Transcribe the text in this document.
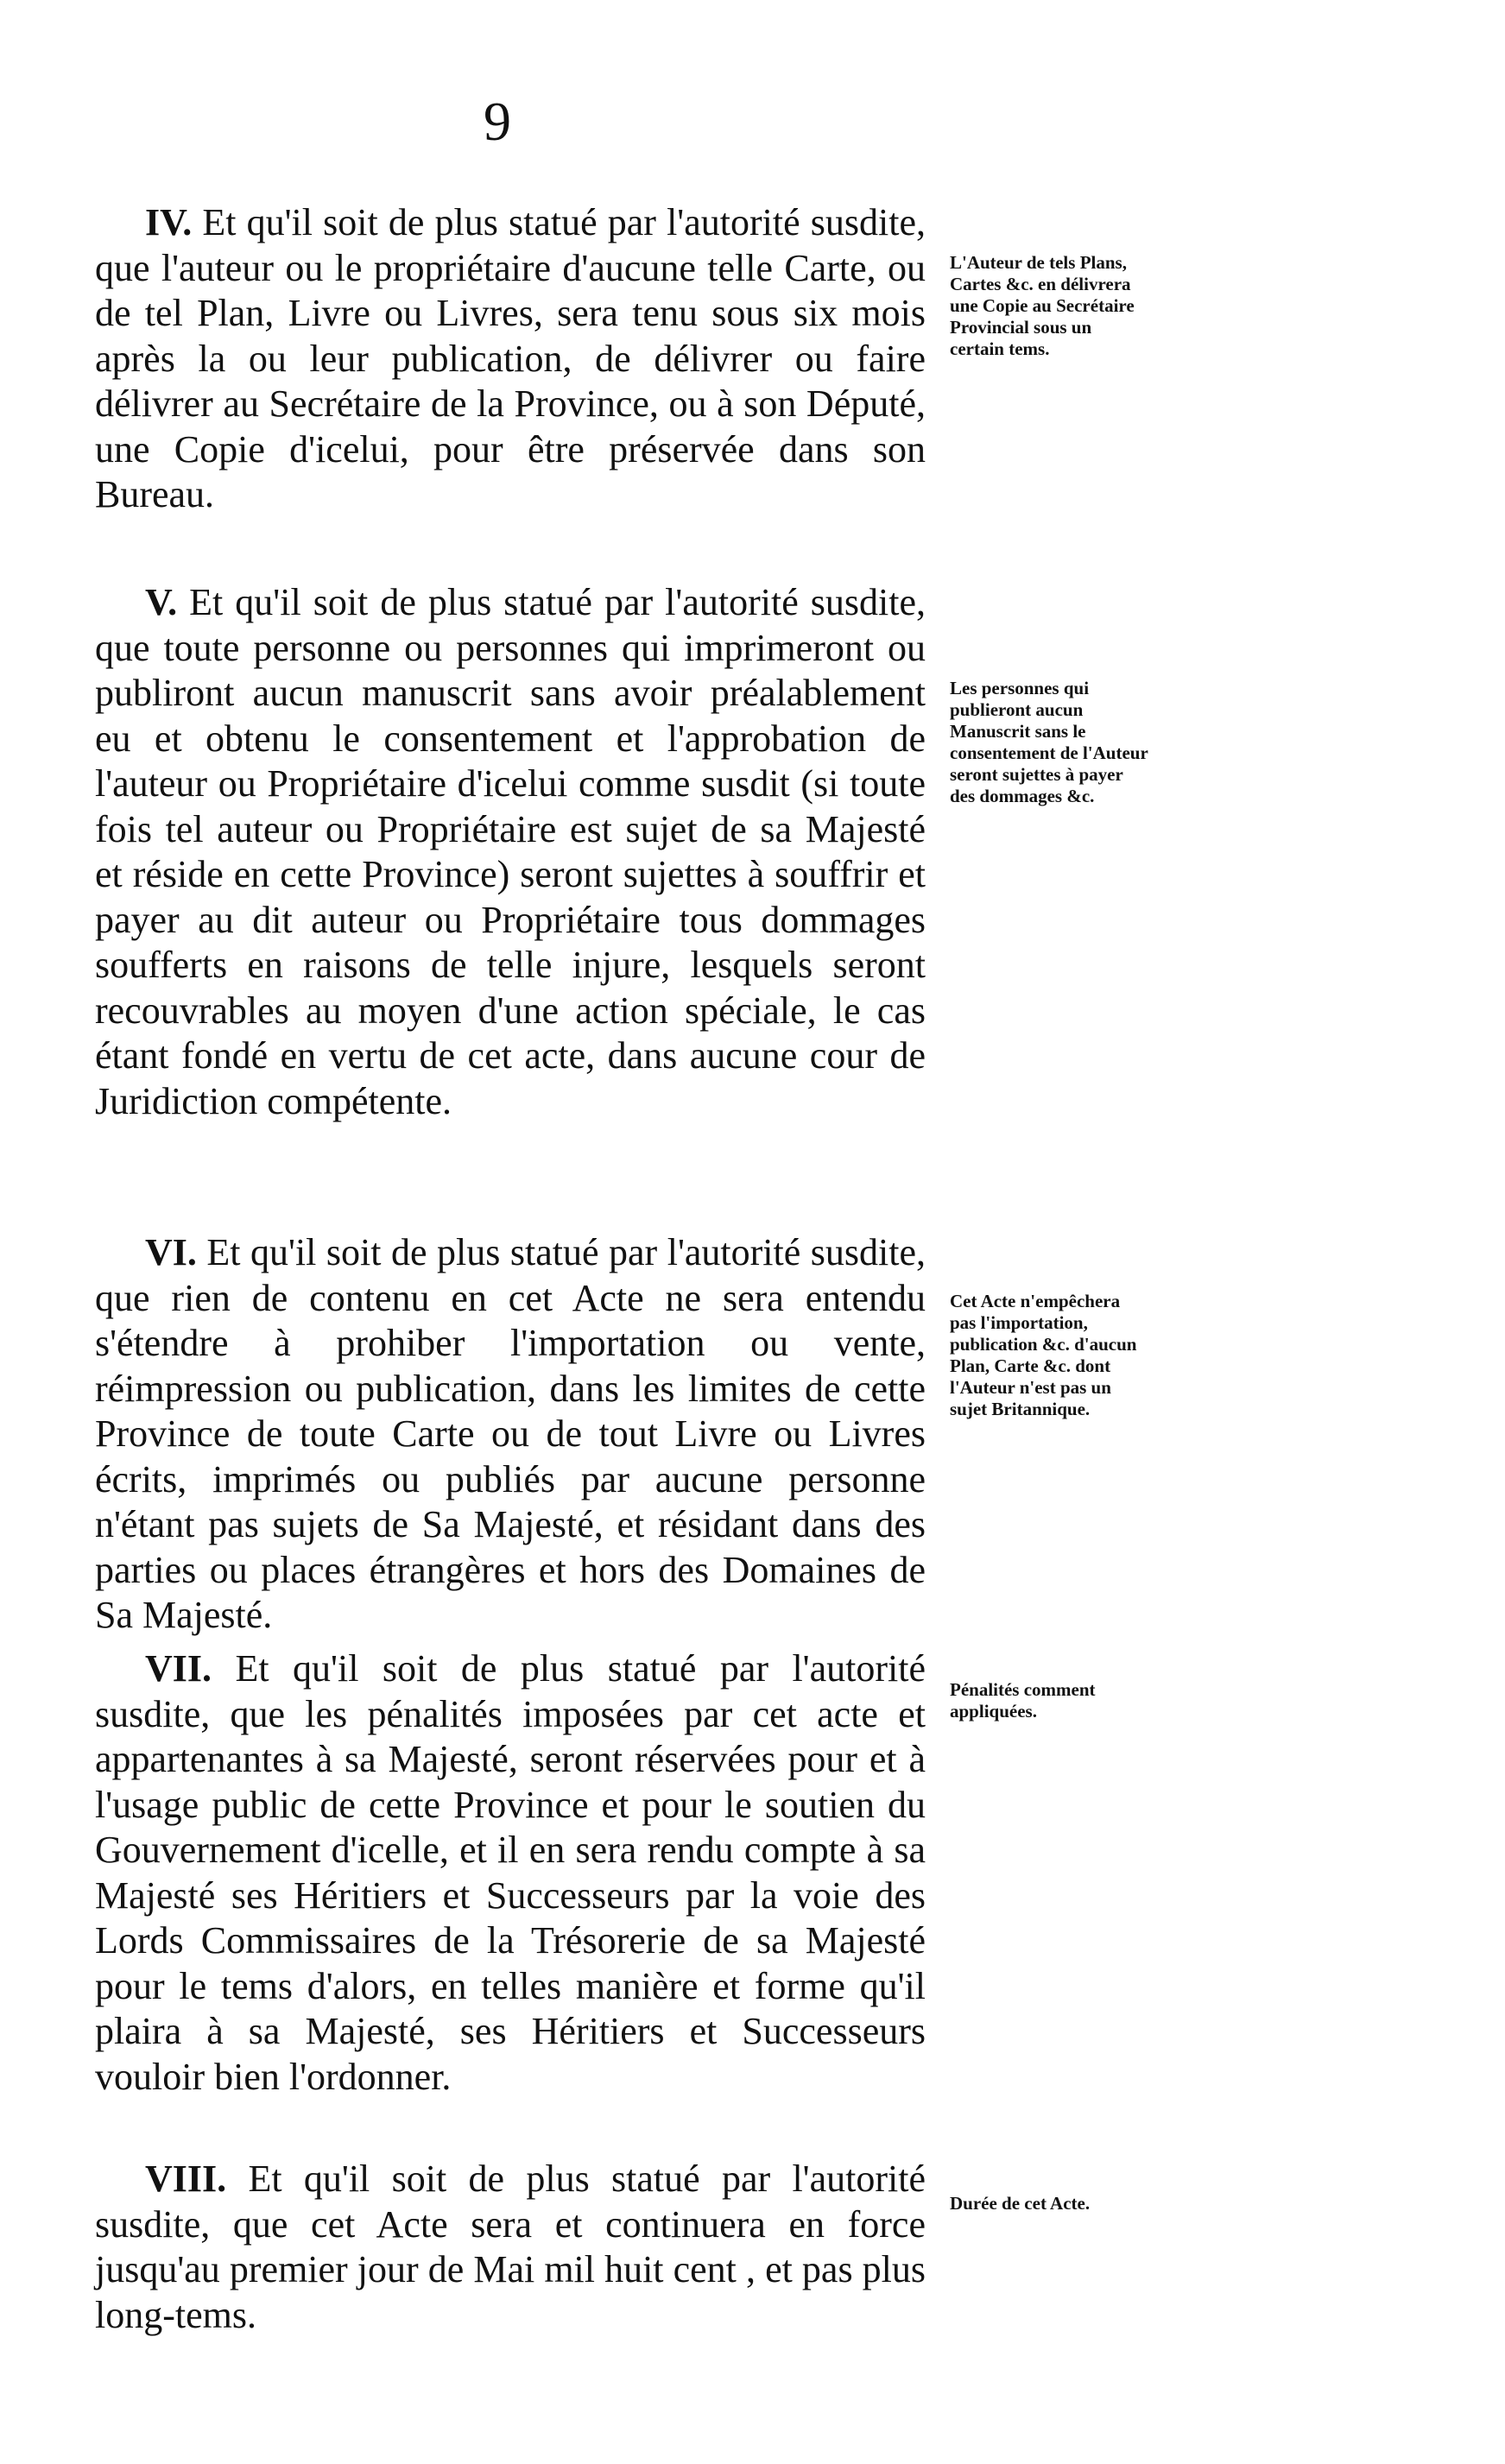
9

IV. Et qu'il soit de plus statué par l'autorité susdite, que l'auteur ou le propriétaire d'aucune telle Carte, ou de tel Plan, Livre ou Livres, sera tenu sous six mois après la ou leur publication, de délivrer ou faire délivrer au Secrétaire de la Province, ou à son Député, une Copie d'icelui, pour être préservée dans son Bureau.

L'Auteur de tels Plans, Cartes &c. en délivrera une Copie au Secrétaire Provincial sous un certain tems.

V. Et qu'il soit de plus statué par l'autorité susdite, que toute personne ou personnes qui imprimeront ou publiront aucun manuscrit sans avoir préalablement eu et obtenu le consentement et l'approbation de l'auteur ou Propriétaire d'icelui comme susdit (si toute fois tel auteur ou Propriétaire est sujet de sa Majesté et réside en cette Province) seront sujettes à souffrir et payer au dit auteur ou Propriétaire tous dommages soufferts en raisons de telle injure, lesquels seront recouvrables au moyen d'une action spéciale, le cas étant fondé en vertu de cet acte, dans aucune cour de Juridiction compétente.

Les personnes qui publieront aucun Manuscrit sans le consentement de l'Auteur seront sujettes à payer des dommages &c.

VI. Et qu'il soit de plus statué par l'autorité susdite, que rien de contenu en cet Acte ne sera entendu s'étendre à prohiber l'importation ou vente, réimpression ou publication, dans les limites de cette Province de toute Carte ou de tout Livre ou Livres écrits, imprimés ou publiés par aucune personne n'étant pas sujets de Sa Majesté, et résidant dans des parties ou places étrangères et hors des Domaines de Sa Majesté.

Cet Acte n'empêchera pas l'importation, publication &c. d'aucun Plan, Carte &c. dont l'Auteur n'est pas un sujet Britannique.

VII. Et qu'il soit de plus statué par l'autorité susdite, que les pénalités imposées par cet acte et appartenantes à sa Majesté, seront réservées pour et à l'usage public de cette Province et pour le soutien du Gouvernement d'icelle, et il en sera rendu compte à sa Majesté ses Héritiers et Successeurs par la voie des Lords Commissaires de la Trésorerie de sa Majesté pour le tems d'alors, en telles manière et forme qu'il plaira à sa Majesté, ses Héritiers et Successeurs vouloir bien l'ordonner.

Pénalités comment appliquées.

VIII. Et qu'il soit de plus statué par l'autorité susdite, que cet Acte sera et continuera en force jusqu'au premier jour de Mai mil huit cent , et pas plus long-tems.

Durée de cet Acte.
